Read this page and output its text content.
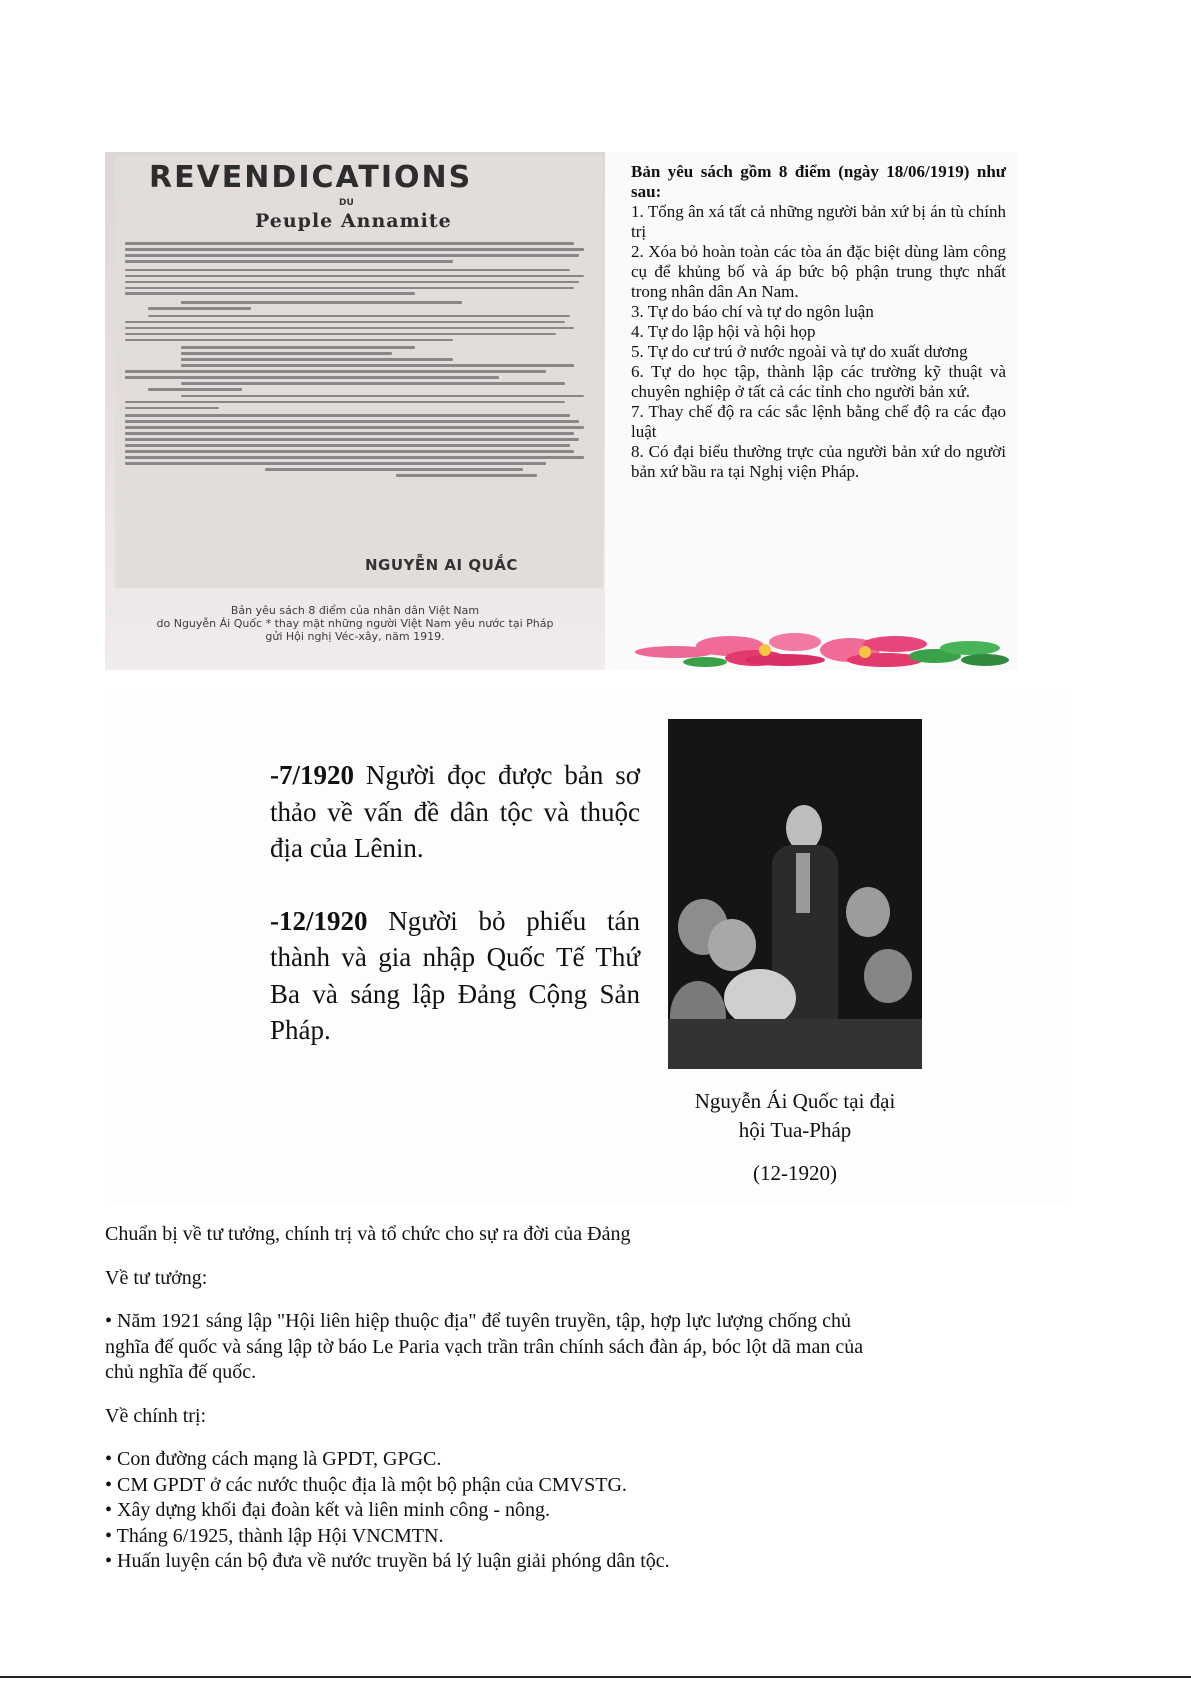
REVENDICATIONS
DU
Peuple Annamite
NGUYỄN AI QUẮC
Bản yêu sách 8 điểm của nhân dân Việt Nam
do Nguyễn Ái Quốc * thay mặt những người Việt Nam yêu nước tại Pháp
gửi Hội nghị Véc-xây, năm 1919.

Bản yêu sách gồm 8 điểm (ngày 18/06/1919) như sau:

1. Tổng ân xá tất cả những người bản xứ bị án tù chính trị

2. Xóa bỏ hoàn toàn các tòa án đặc biệt dùng làm công cụ để khủng bố và áp bức bộ phận trung thực nhất trong nhân dân An Nam.

3. Tự do báo chí và tự do ngôn luận

4. Tự do lập hội và hội họp

5. Tự do cư trú ở nước ngoài và tự do xuất dương

6. Tự do học tập, thành lập các trường kỹ thuật và chuyên nghiệp ở tất cả các tỉnh cho người bản xứ.

7. Thay chế độ ra các sắc lệnh bằng chế độ ra các đạo luật

8. Có đại biểu thường trực của người bản xứ do người bản xứ bầu ra tại Nghị viện Pháp.

-7/1920 Người đọc được bản sơ thảo về vấn đề dân tộc và thuộc địa của Lênin.

-12/1920 Người bỏ phiếu tán thành và gia nhập Quốc Tế Thứ Ba và sáng lập Đảng Cộng Sản Pháp.

Nguyễn Ái Quốc tại đại
hội Tua-Pháp
(12-1920)

Chuẩn bị về tư tưởng, chính trị và tổ chức cho sự ra đời của Đảng

Về tư tưởng:

• Năm 1921 sáng lập "Hội liên hiệp thuộc địa" để tuyên truyền, tập, hợp lực lượng chống chủ nghĩa đế quốc và sáng lập tờ báo Le Paria vạch trần trân chính sách đàn áp, bóc lột dã man của chủ nghĩa đế quốc.

Về chính trị:

• Con đường cách mạng là GPDT, GPGC.

• CM GPDT ở các nước thuộc địa là một bộ phận của CMVSTG.

• Xây dựng khối đại đoàn kết và liên minh công - nông.

• Tháng 6/1925, thành lập Hội VNCMTN.

• Huấn luyện cán bộ đưa về nước truyền bá lý luận giải phóng dân tộc.
